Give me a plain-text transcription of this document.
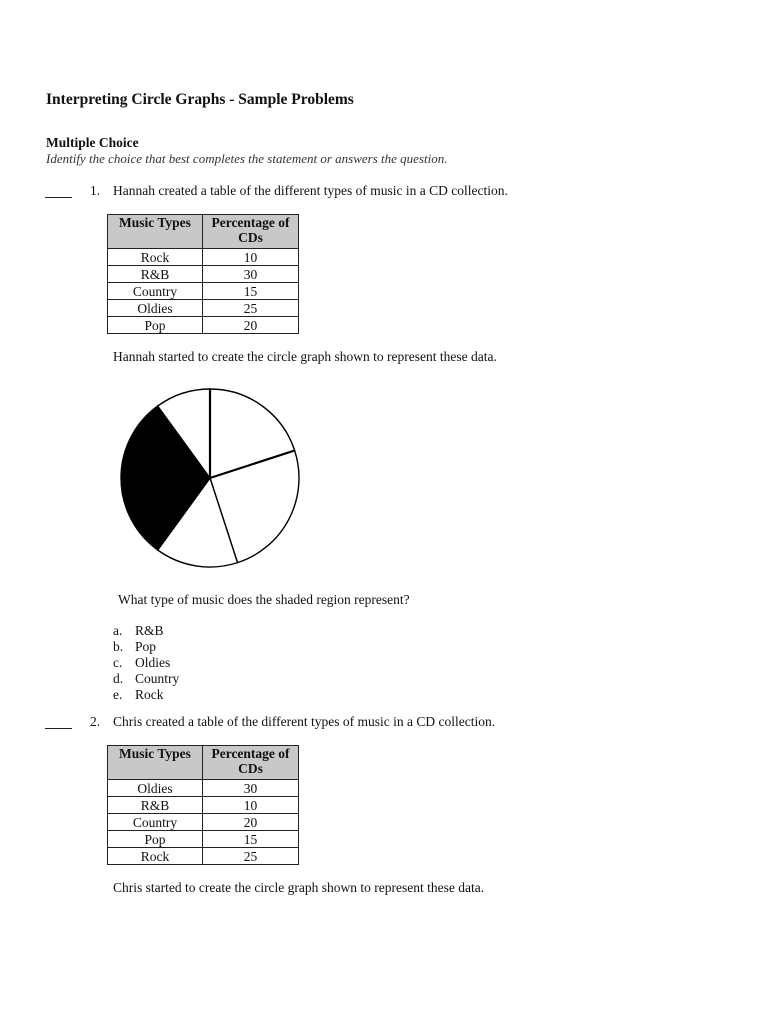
Interpreting Circle Graphs - Sample Problems
Multiple Choice
Identify the choice that best completes the statement or answers the question.
1. Hannah created a table of the different types of music in a CD collection.
Music Types	Percentage of CDs
Rock	10
R&B	30
Country	15
Oldies	25
Pop	20
Hannah started to create the circle graph shown to represent these data.
What type of music does the shaded region represent?
a. R&B
b. Pop
c. Oldies
d. Country
e. Rock
2. Chris created a table of the different types of music in a CD collection.
Music Types	Percentage of CDs
Oldies	30
R&B	10
Country	20
Pop	15
Rock	25
Chris started to create the circle graph shown to represent these data.
